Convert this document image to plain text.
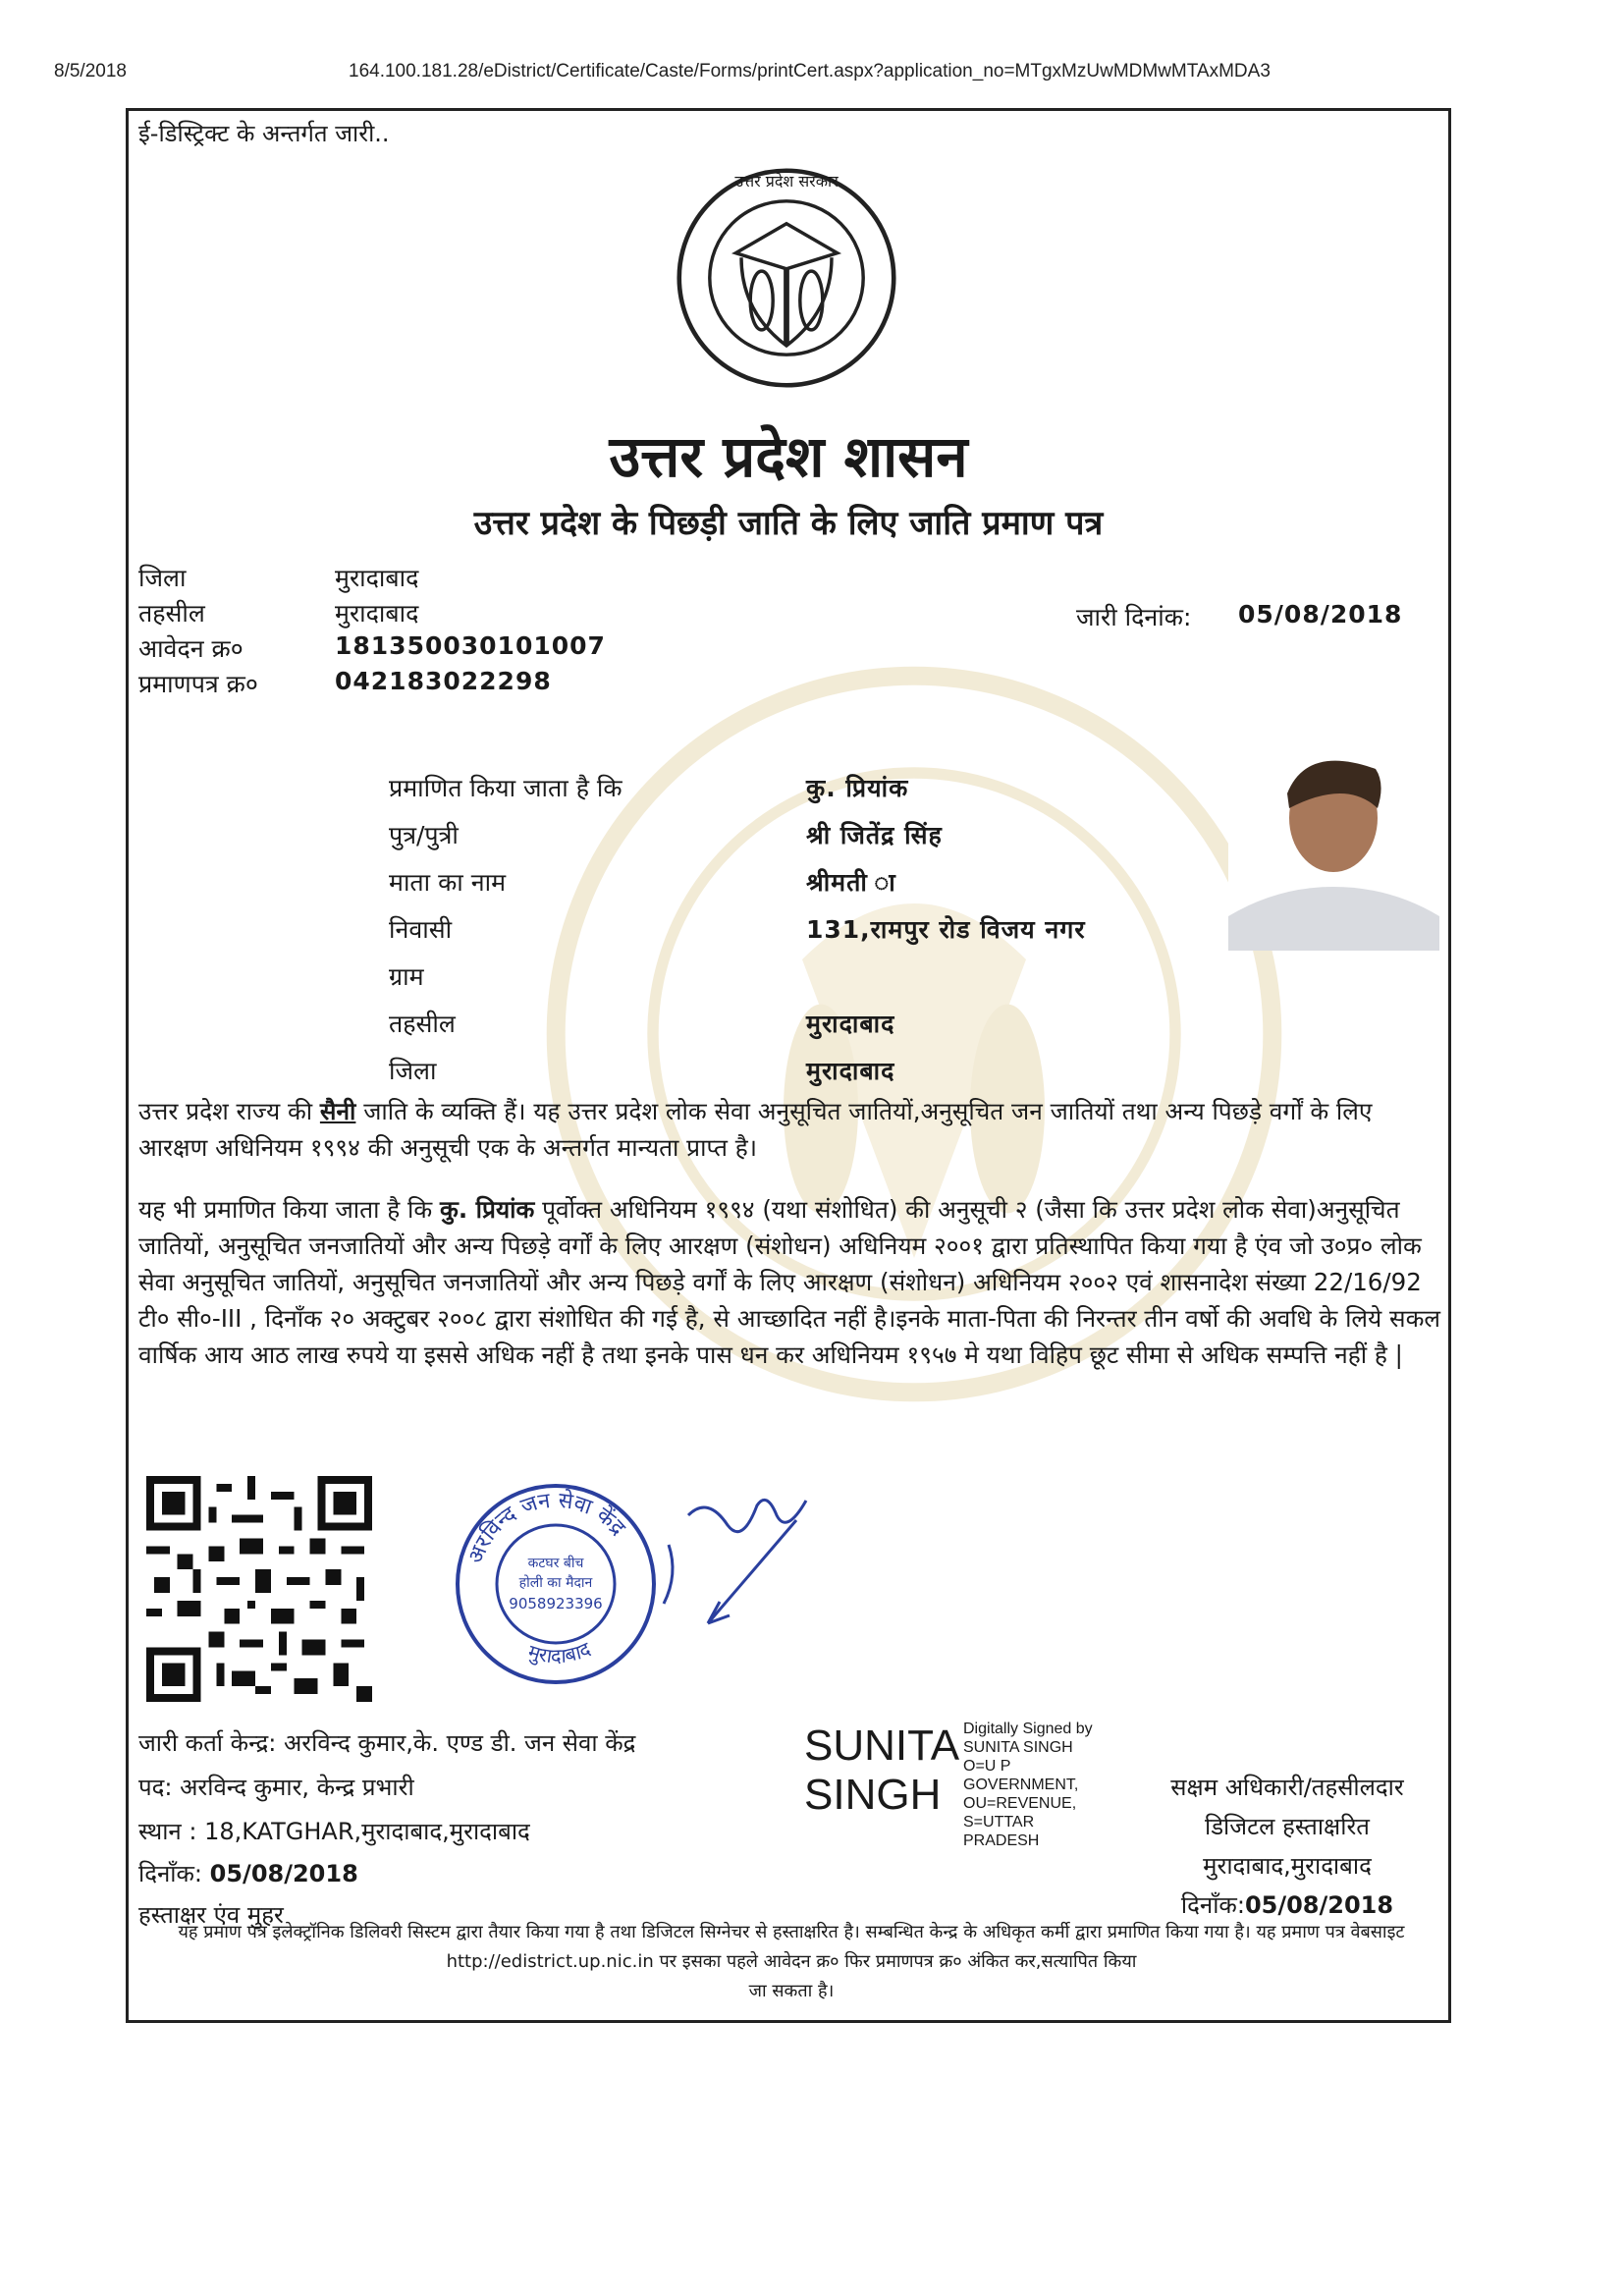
8/5/2018	164.100.181.28/eDistrict/Certificate/Caste/Forms/printCert.aspx?application_no=MTgxMzUwMDMwMTAxMDA3
ई-डिस्ट्रिक्ट के अन्तर्गत जारी..
उत्तर प्रदेश सरकार
उत्तर प्रदेश शासन
उत्तर प्रदेश के पिछड़ी जाति के लिए जाति प्रमाण पत्र
जिला	मुरादाबाद
तहसील	मुरादाबाद
आवेदन क्र०	181350030101007
प्रमाणपत्र क्र०	042183022298
जारी दिनांक: 05/08/2018
प्रमाणित किया जाता है कि	कु. प्रियांक
पुत्र/पुत्री	श्री जितेंद्र सिंह
माता का नाम	श्रीमती ा
निवासी	131,रामपुर रोड विजय नगर
ग्राम
तहसील	मुरादाबाद
जिला	मुरादाबाद
उत्तर प्रदेश राज्य की सैनी जाति के व्यक्ति हैं। यह उत्तर प्रदेश लोक सेवा अनुसूचित जातियों,अनुसूचित जन जातियों तथा अन्य पिछड़े वर्गों के लिए आरक्षण अधिनियम १९९४ की अनुसूची एक के अन्तर्गत मान्यता प्राप्त है।
यह भी प्रमाणित किया जाता है कि कु. प्रियांक पूर्वोक्त अधिनियम १९९४ (यथा संशोधित) की अनुसूची २ (जैसा कि उत्तर प्रदेश लोक सेवा)अनुसूचित जातियों, अनुसूचित जनजातियों और अन्य पिछड़े वर्गों के लिए आरक्षण (संशोधन) अधिनियम २००१ द्वारा प्रतिस्थापित किया गया है एंव जो उ०प्र० लोक सेवा अनुसूचित जातियों, अनुसूचित जनजातियों और अन्य पिछड़े वर्गों के लिए आरक्षण (संशोधन) अधिनियम २००२ एवं शासनादेश संख्या 22/16/92 टी० सी०-III , दिनाँक २० अक्टुबर २००८ द्वारा संशोधित की गई है, से आच्छादित नहीं है।इनके माता-पिता की निरन्तर तीन वर्षो की अवधि के लिये सकल वार्षिक आय आठ लाख रुपये या इससे अधिक नहीं है तथा इनके पास धन कर अधिनियम १९५७ मे यथा विहिप छूट सीमा से अधिक सम्पत्ति नहीं है |
अरविन्द जन सेवा केंद्र
मुरादाबाद
कटघर बीच
होली का मैदान
9058923396
जारी कर्ता केन्द्र: अरविन्द कुमार,के. एण्ड डी. जन सेवा केंद्र
पद: अरविन्द कुमार, केन्द्र प्रभारी
स्थान : 18,KATGHAR,मुरादाबाद,मुरादाबाद
दिनाँक: 05/08/2018
हस्ताक्षर एंव मुहर
SUNITA
SINGH
Digitally Signed by
SUNITA SINGH
O=U P
GOVERNMENT,
OU=REVENUE,
S=UTTAR
PRADESH
सक्षम अधिकारी/तहसीलदार
डिजिटल हस्ताक्षरित
मुरादाबाद,मुरादाबाद
दिनाँक:05/08/2018
यह प्रमाण पत्र इलेक्ट्रॉनिक डिलिवरी सिस्टम द्वारा तैयार किया गया है तथा डिजिटल सिग्नेचर से हस्ताक्षरित है। सम्बन्धित केन्द्र के अधिकृत कर्मी द्वारा प्रमाणित किया गया है। यह प्रमाण पत्र वेबसाइट http://edistrict.up.nic.in पर इसका पहले आवेदन क्र० फिर प्रमाणपत्र क्र० अंकित कर,सत्यापित किया
जा सकता है।
